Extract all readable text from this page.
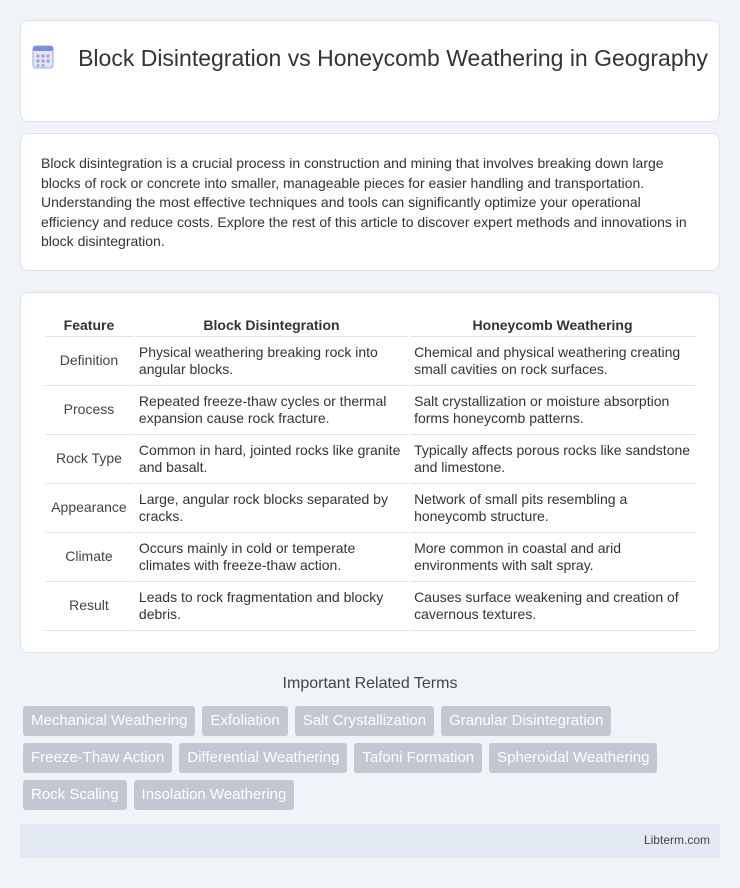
Block Disintegration vs Honeycomb Weathering in Geography

Block disintegration is a crucial process in construction and mining that involves breaking down large blocks of rock or concrete into smaller, manageable pieces for easier handling and transportation. Understanding the most effective techniques and tools can significantly optimize your operational efficiency and reduce costs. Explore the rest of this article to discover expert methods and innovations in block disintegration.

Feature	Block Disintegration	Honeycomb Weathering
Definition	Physical weathering breaking rock into angular blocks.	Chemical and physical weathering creating small cavities on rock surfaces.
Process	Repeated freeze-thaw cycles or thermal expansion cause rock fracture.	Salt crystallization or moisture absorption forms honeycomb patterns.
Rock Type	Common in hard, jointed rocks like granite and basalt.	Typically affects porous rocks like sandstone and limestone.
Appearance	Large, angular rock blocks separated by cracks.	Network of small pits resembling a honeycomb structure.
Climate	Occurs mainly in cold or temperate climates with freeze-thaw action.	More common in coastal and arid environments with salt spray.
Result	Leads to rock fragmentation and blocky debris.	Causes surface weakening and creation of cavernous textures.
Important Related Terms
Mechanical Weathering	Exfoliation	Salt Crystallization	Granular Disintegration
Freeze-Thaw Action	Differential Weathering	Tafoni Formation	Spheroidal Weathering
Rock Scaling	Insolation Weathering
Libterm.com
